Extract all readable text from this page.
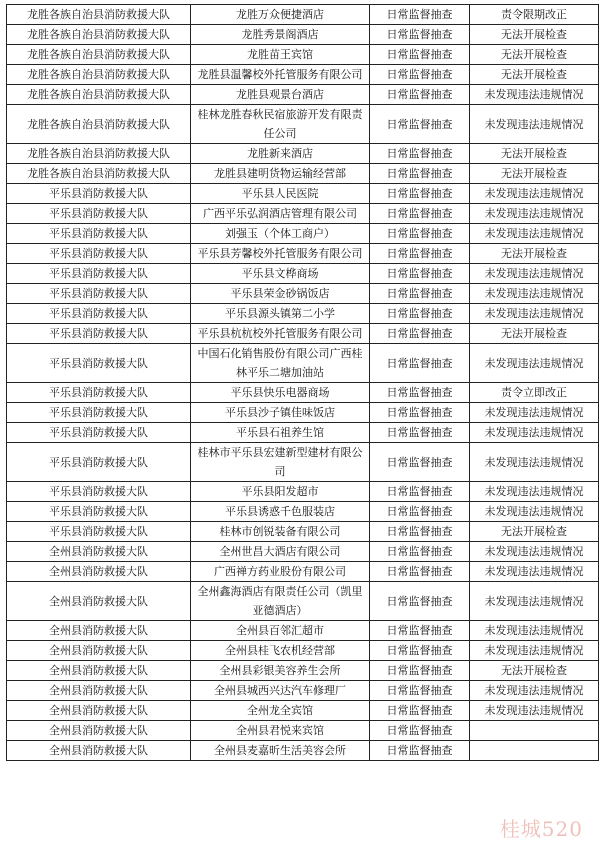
龙胜各族自治县消防救援大队	龙胜万众便捷酒店	日常监督抽查	责令限期改正
龙胜各族自治县消防救援大队	龙胜秀景阁酒店	日常监督抽查	无法开展检查
龙胜各族自治县消防救援大队	龙胜苗王宾馆	日常监督抽查	无法开展检查
龙胜各族自治县消防救援大队	龙胜县温馨校外托管服务有限公司	日常监督抽查	无法开展检查
龙胜各族自治县消防救援大队	龙胜县观景台酒店	日常监督抽查	未发现违法违规情况
龙胜各族自治县消防救援大队	桂林龙胜春秋民宿旅游开发有限责任公司	日常监督抽查	未发现违法违规情况
龙胜各族自治县消防救援大队	龙胜新来酒店	日常监督抽查	无法开展检查
龙胜各族自治县消防救援大队	龙胜县建明货物运输经营部	日常监督抽查	无法开展检查
平乐县消防救援大队	平乐县人民医院	日常监督抽查	未发现违法违规情况
平乐县消防救援大队	广西平乐弘润酒店管理有限公司	日常监督抽查	未发现违法违规情况
平乐县消防救援大队	刘强玉（个体工商户）	日常监督抽查	未发现违法违规情况
平乐县消防救援大队	平乐县芳馨校外托管服务有限公司	日常监督抽查	无法开展检查
平乐县消防救援大队	平乐县文桦商场	日常监督抽查	未发现违法违规情况
平乐县消防救援大队	平乐县荣金砂锅饭店	日常监督抽查	未发现违法违规情况
平乐县消防救援大队	平乐县源头镇第二小学	日常监督抽查	未发现违法违规情况
平乐县消防救援大队	平乐县杭杭校外托管服务有限公司	日常监督抽查	无法开展检查
平乐县消防救援大队	中国石化销售股份有限公司广西桂林平乐二塘加油站	日常监督抽查	未发现违法违规情况
平乐县消防救援大队	平乐县快乐电器商场	日常监督抽查	责令立即改正
平乐县消防救援大队	平乐县沙子镇佳味饭店	日常监督抽查	未发现违法违规情况
平乐县消防救援大队	平乐县石祖养生馆	日常监督抽查	未发现违法违规情况
平乐县消防救援大队	桂林市平乐县宏建新型建材有限公司	日常监督抽查	未发现违法违规情况
平乐县消防救援大队	平乐县阳发超市	日常监督抽查	未发现违法违规情况
平乐县消防救援大队	平乐县诱惑千色服装店	日常监督抽查	未发现违法违规情况
平乐县消防救援大队	桂林市创锐装备有限公司	日常监督抽查	无法开展检查
全州县消防救援大队	全州世昌大酒店有限公司	日常监督抽查	未发现违法违规情况
全州县消防救援大队	广西禅方药业股份有限公司	日常监督抽查	未发现违法违规情况
全州县消防救援大队	全州鑫海酒店有限责任公司（凯里亚德酒店）	日常监督抽查	未发现违法违规情况
全州县消防救援大队	全州县百邻汇超市	日常监督抽查	未发现违法违规情况
全州县消防救援大队	全州县桂飞农机经营部	日常监督抽查	未发现违法违规情况
全州县消防救援大队	全州县彩银美容养生会所	日常监督抽查	无法开展检查
全州县消防救援大队	全州县城西兴达汽车修理厂	日常监督抽查	未发现违法违规情况
全州县消防救援大队	全州龙全宾馆	日常监督抽查	未发现违法违规情况
全州县消防救援大队	全州县君悦来宾馆	日常监督抽查	
全州县消防救援大队	全州县麦嘉昕生活美容会所	日常监督抽查	
桂城520
